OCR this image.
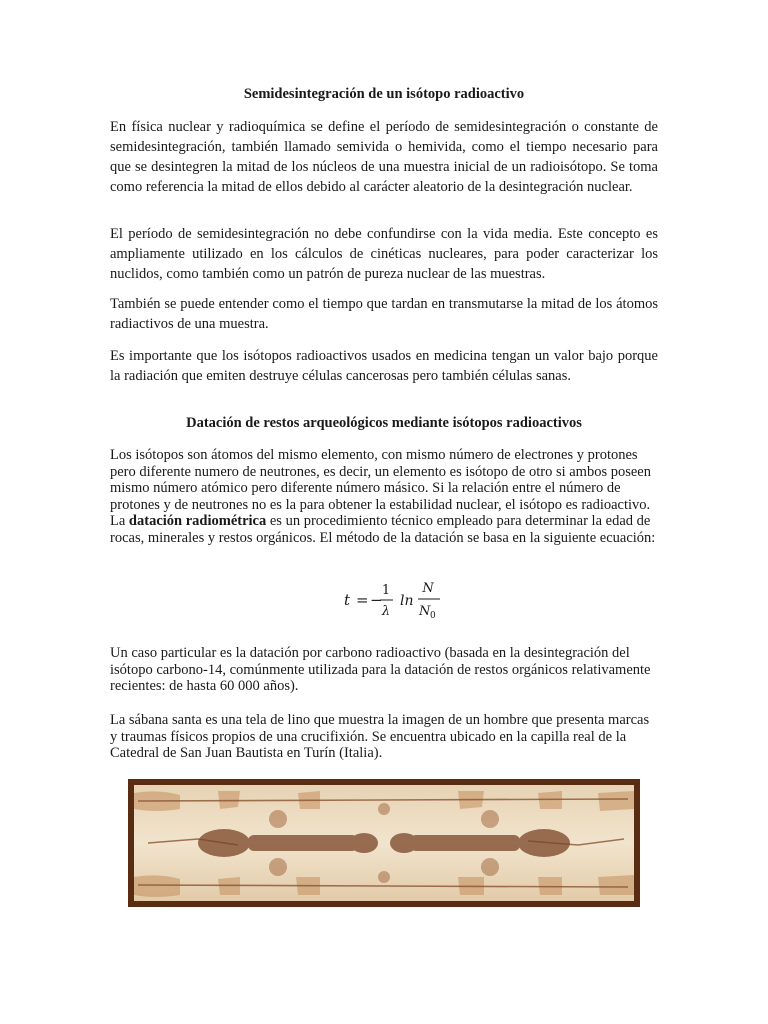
Semidesintegración de un isótopo radioactivo
En física nuclear y radioquímica se define el período de semidesintegración o constante de semidesintegración, también llamado semivida o hemivida, como el tiempo necesario para que se desintegren la mitad de los núcleos de una muestra inicial de un radioisótopo. Se toma como referencia la mitad de ellos debido al carácter aleatorio de la desintegración nuclear.
El período de semidesintegración no debe confundirse con la vida media. Este concepto es ampliamente utilizado en los cálculos de cinéticas nucleares, para poder caracterizar los nuclidos, como también como un patrón de pureza nuclear de las muestras.
También se puede entender como el tiempo que tardan en transmutarse la mitad de los átomos radiactivos de una muestra.
Es importante que los isótopos radioactivos usados en medicina tengan un valor bajo porque la radiación que emiten destruye células cancerosas pero también células sanas.
Datación de restos arqueológicos mediante isótopos radioactivos
Los isótopos son átomos del mismo elemento, con mismo número de electrones y protones pero diferente numero de neutrones, es decir, un elemento es isótopo de otro si ambos poseen mismo número atómico pero diferente número másico. Si la relación entre el número de protones y de neutrones no es la para obtener la estabilidad nuclear, el isótopo es radioactivo. La datación radiométrica es un procedimiento técnico empleado para determinar la edad de rocas, minerales y restos orgánicos. El método de la datación se basa en la siguiente ecuación:
t = −
1
λ
ln
N
N 0
Un caso particular es la datación por carbono radioactivo (basada en la desintegración del isótopo carbono-14, comúnmente utilizada para la datación de restos orgánicos relativamente recientes: de hasta 60 000 años).
La sábana santa es una tela de lino que muestra la imagen de un hombre que presenta marcas y traumas físicos propios de una crucifixión. Se encuentra ubicado en la capilla real de la Catedral de San Juan Bautista en Turín (Italia).
